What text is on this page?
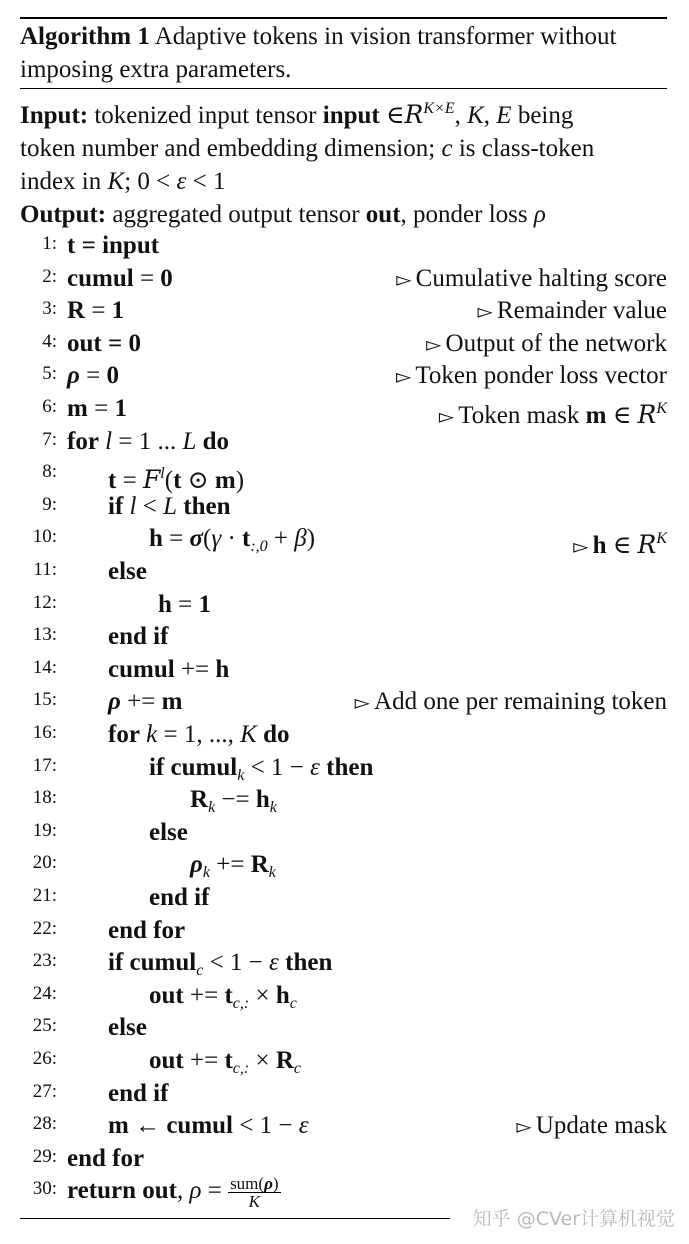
Algorithm 1 Adaptive tokens in vision transformer without
imposing extra parameters.
Input: tokenized input tensor input $\in R^{K\times E}$, K, E being
token number and embedding dimension; c is class-token
index in K; 0 < ε < 1
Output: aggregated output tensor out, ponder loss ρ
1: t = input
2: cumul = 0	▻ Cumulative halting score
3: R = 1	▻ Remainder value
4: out = 0	▻ Output of the network
5: ρ = 0	▻ Token ponder loss vector
6: m = 1	▻ Token mask m ∈ $R^K$
7: for l = 1 ... L do
8: $t = F^l(t$ ⊙ m)
9: if l < L then
10:	$h = \sigma(\gamma \cdot t_{:,0} + \beta)$	▻ h ∈ $R^K$
11: else
12:	h = 1
13: end if
14: cumul += h
15: ρ += m	▻ Add one per remaining token
16: for k = 1, ..., K do
17:	if cumul$_k$ < 1 − ε then
18:	$R_k -= h_k$
19:	else
20:	$\rho_k += R_k$
21:	end if
22: end for
23: if cumul$_c$ < 1 − ε then
24:	out += $t_{c,:} \times h_c$
25: else
26:	out += $t_{c,:} \times R_c$
27: end if
28: m ← cumul < 1 − ε	▻ Update mask
29: end for
30: return out, $\rho = \frac{\text{sum(ρ)}}{K}$
知乎 @CVer计算机视觉
